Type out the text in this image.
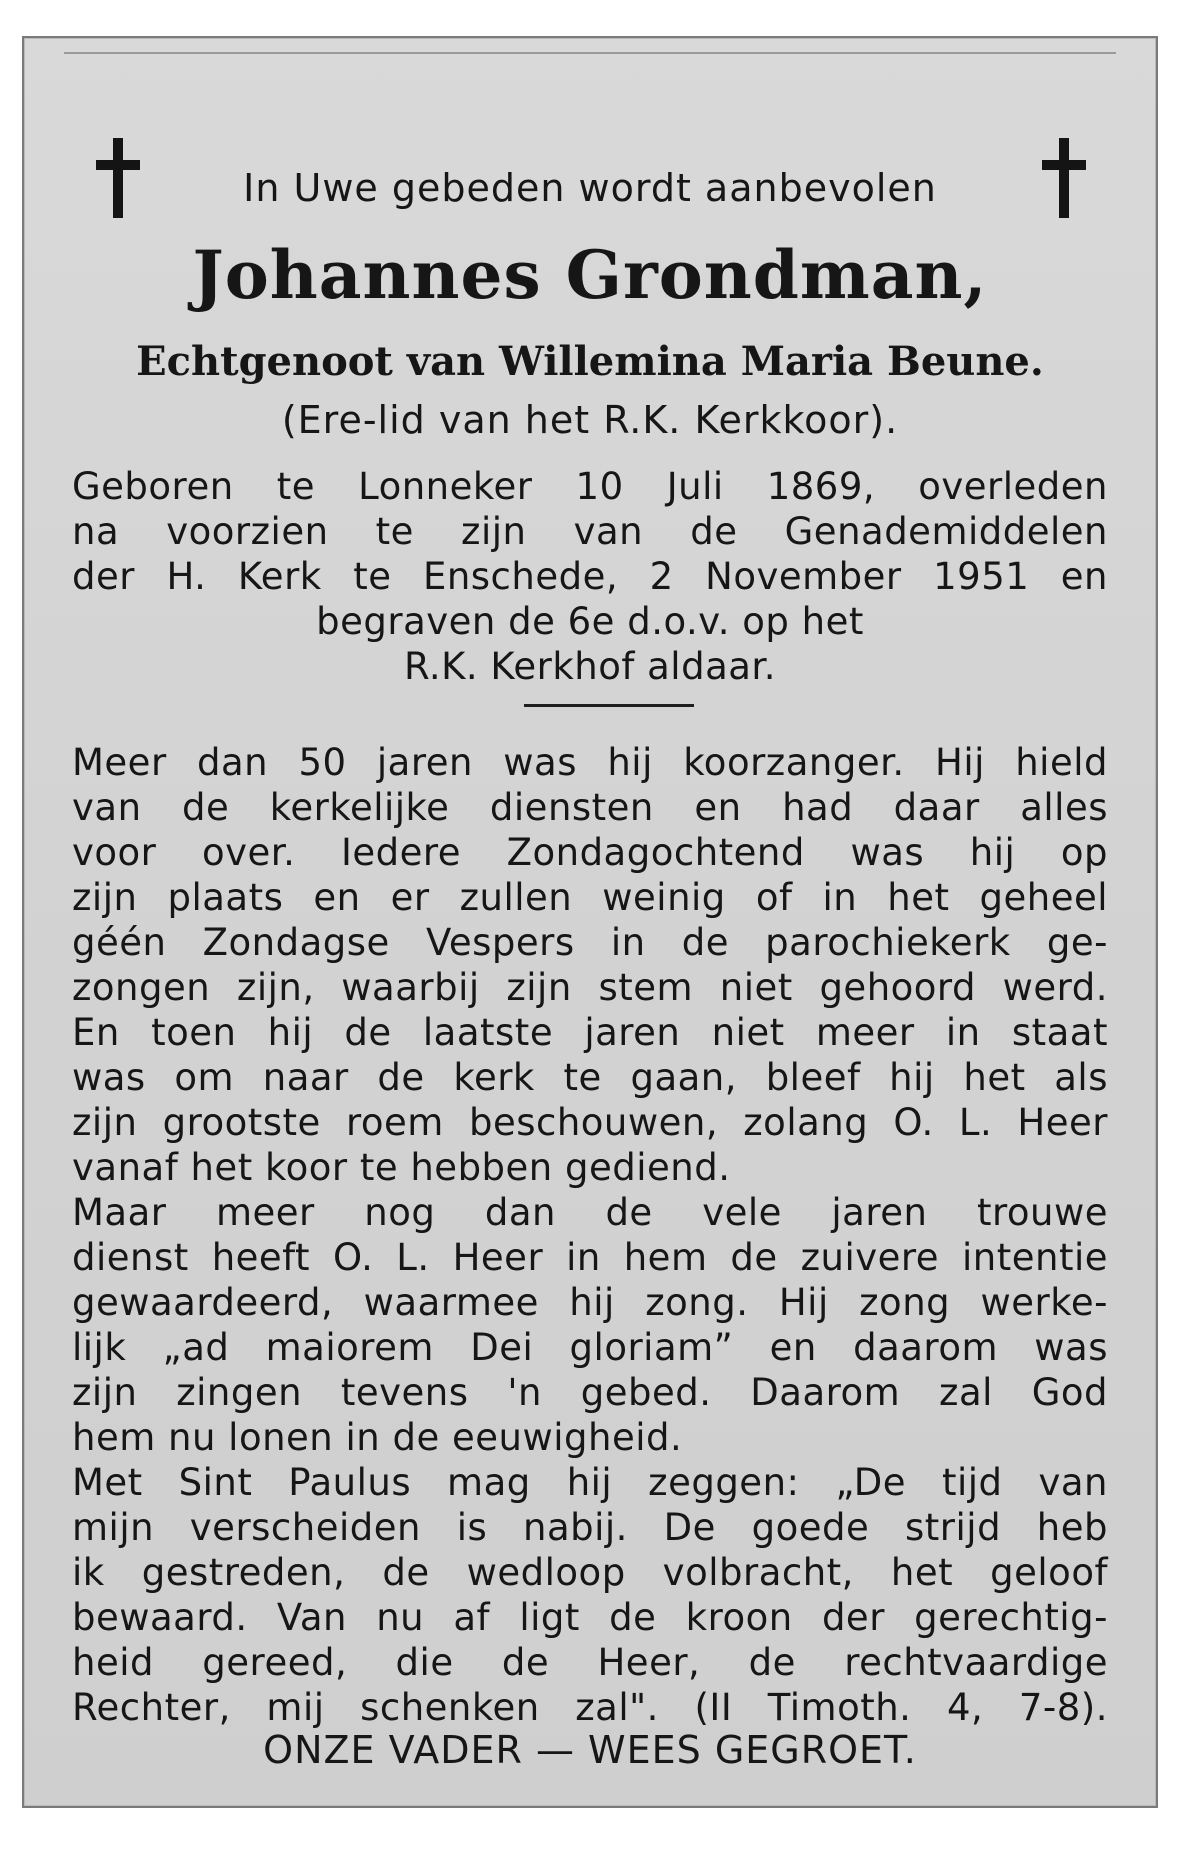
In Uwe gebeden wordt aanbevolen
Johannes Grondman,
Echtgenoot van Willemina Maria Beune.
(Ere-lid van het R.K. Kerkkoor).
Geboren te Lonneker 10 Juli 1869, overleden
na voorzien te zijn van de Genademiddelen
der H. Kerk te Enschede, 2 November 1951 en
begraven de 6e d.o.v. op het
R.K. Kerkhof aldaar.
Meer dan 50 jaren was hij koorzanger. Hij hield
van de kerkelijke diensten en had daar alles
voor over. Iedere Zondagochtend was hij op
zijn plaats en er zullen weinig of in het geheel
géén Zondagse Vespers in de parochiekerk ge-
zongen zijn, waarbij zijn stem niet gehoord werd.
En toen hij de laatste jaren niet meer in staat
was om naar de kerk te gaan, bleef hij het als
zijn grootste roem beschouwen, zolang O. L. Heer
vanaf het koor te hebben gediend.
Maar meer nog dan de vele jaren trouwe
dienst heeft O. L. Heer in hem de zuivere intentie
gewaardeerd, waarmee hij zong. Hij zong werke-
lijk „ad maiorem Dei gloriam” en daarom was
zijn zingen tevens 'n gebed. Daarom zal God
hem nu lonen in de eeuwigheid.
Met Sint Paulus mag hij zeggen: „De tijd van
mijn verscheiden is nabij. De goede strijd heb
ik gestreden, de wedloop volbracht, het geloof
bewaard. Van nu af ligt de kroon der gerechtig-
heid gereed, die de Heer, de rechtvaardige
Rechter, mij schenken zal". (II Timoth. 4, 7-8).
ONZE VADER — WEES GEGROET.
